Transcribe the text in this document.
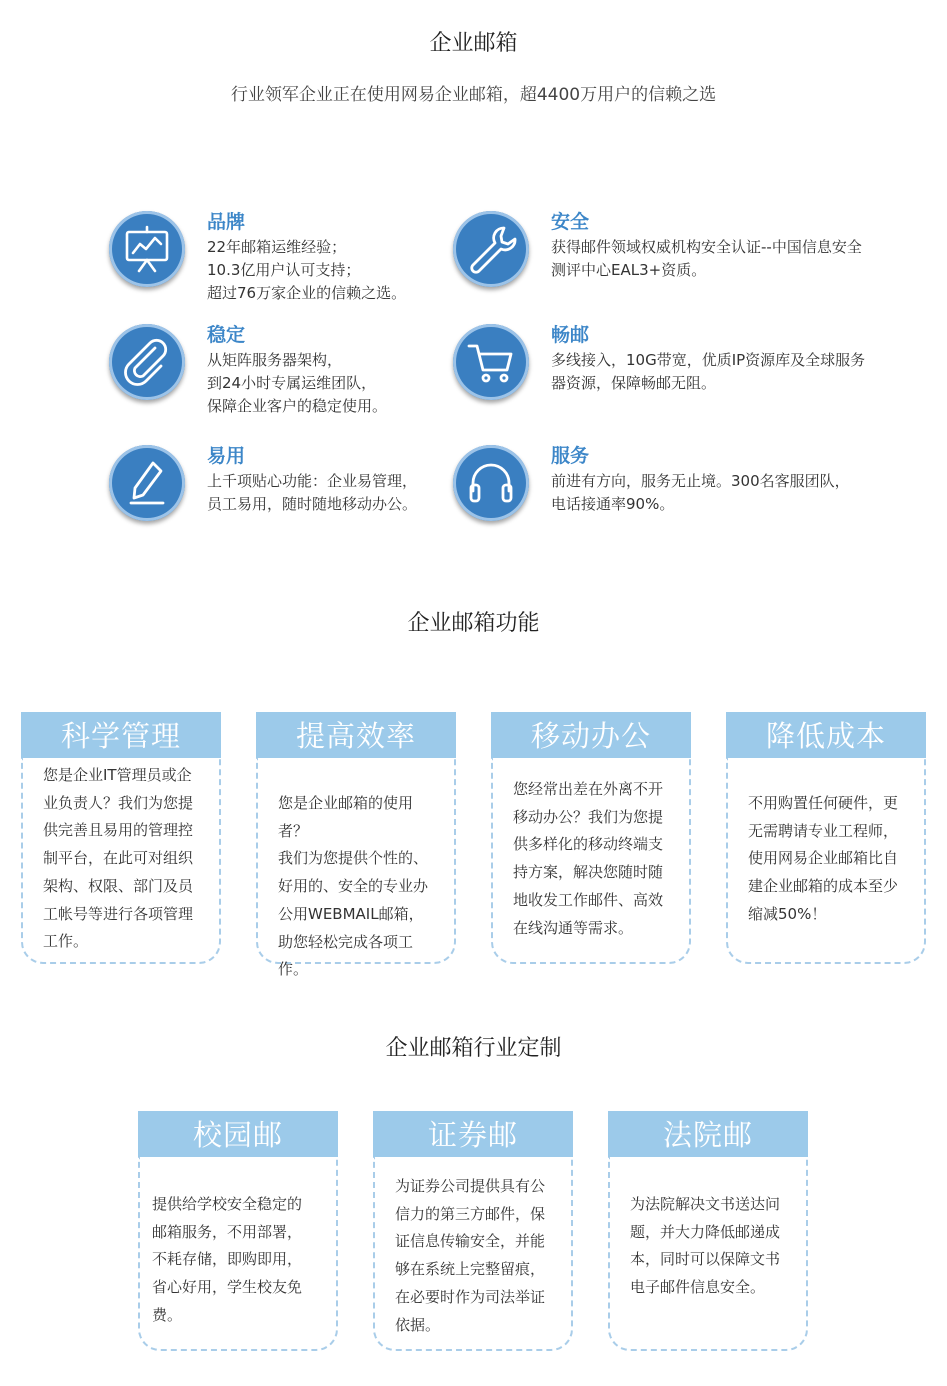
企业邮箱
行业领军企业正在使用网易企业邮箱，超4400万用户的信赖之选
品牌
22年邮箱运维经验；
10.3亿用户认可支持；
超过76万家企业的信赖之选。
安全
获得邮件领域权威机构安全认证--中国信息安全
测评中心EAL3+资质。
稳定
从矩阵服务器架构，
到24小时专属运维团队，
保障企业客户的稳定使用。
畅邮
多线接入，10G带宽，优质IP资源库及全球服务
器资源，保障畅邮无阻。
易用
上千项贴心功能：企业易管理，
员工易用，随时随地移动办公。
服务
前进有方向，服务无止境。300名客服团队，
电话接通率90%。
企业邮箱功能
科学管理
您是企业IT管理员或企
业负责人？我们为您提
供完善且易用的管理控
制平台，在此可对组织
架构、权限、部门及员
工帐号等进行各项管理
工作。
提高效率
您是企业邮箱的使用者？
我们为您提供个性的、
好用的、安全的专业办
公用WEBMAIL邮箱，
助您轻松完成各项工作。
移动办公
您经常出差在外离不开
移动办公？我们为您提
供多样化的移动终端支
持方案，解决您随时随
地收发工作邮件、高效
在线沟通等需求。
降低成本
不用购置任何硬件，更
无需聘请专业工程师，
使用网易企业邮箱比自
建企业邮箱的成本至少
缩减50%！
企业邮箱行业定制
校园邮
提供给学校安全稳定的
邮箱服务，不用部署，
不耗存储，即购即用，
省心好用，学生校友免费。
证券邮
为证券公司提供具有公
信力的第三方邮件，保
证信息传输安全，并能
够在系统上完整留痕，
在必要时作为司法举证
依据。
法院邮
为法院解决文书送达问
题，并大力降低邮递成
本，同时可以保障文书
电子邮件信息安全。
